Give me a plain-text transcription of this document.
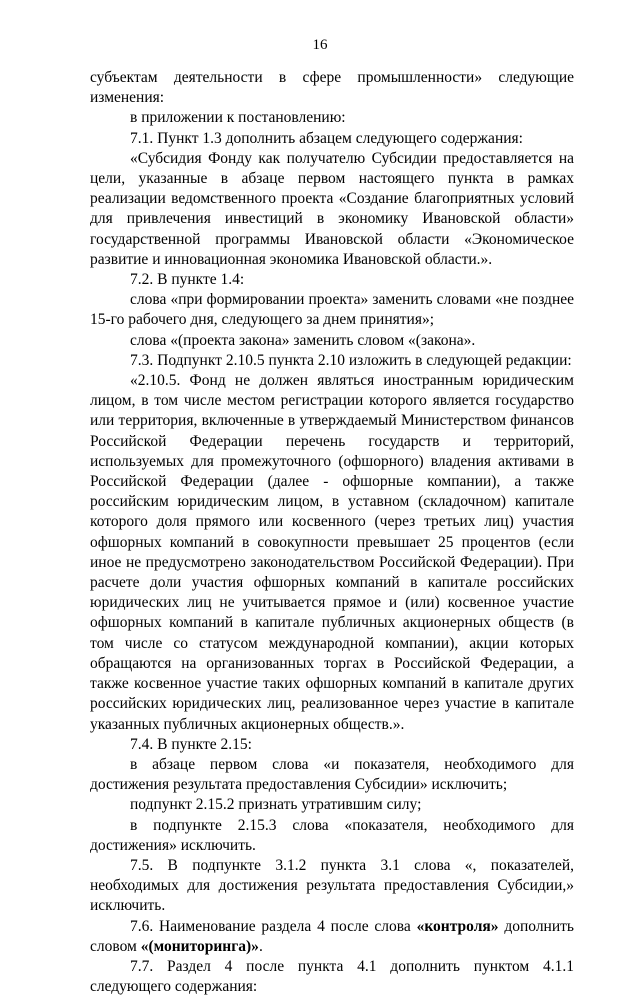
16

субъектам деятельности в сфере промышленности» следующие изменения:

в приложении к постановлению:

7.1. Пункт 1.3 дополнить абзацем следующего содержания:

«Субсидия Фонду как получателю Субсидии предоставляется на цели, указанные в абзаце первом настоящего пункта в рамках реализации ведомственного проекта «Создание благоприятных условий для привлечения инвестиций в экономику Ивановской области» государственной программы Ивановской области «Экономическое развитие и инновационная экономика Ивановской области.».

7.2. В пункте 1.4:

слова «при формировании проекта» заменить словами «не позднее 15-го рабочего дня, следующего за днем принятия»;

слова «(проекта закона» заменить словом «(закона».

7.3. Подпункт 2.10.5 пункта 2.10 изложить в следующей редакции:

«2.10.5. Фонд не должен являться иностранным юридическим лицом, в том числе местом регистрации которого является государство или территория, включенные в утверждаемый Министерством финансов Российской Федерации перечень государств и территорий, используемых для промежуточного (офшорного) владения активами в Российской Федерации (далее - офшорные компании), а также российским юридическим лицом, в уставном (складочном) капитале которого доля прямого или косвенного (через третьих лиц) участия офшорных компаний в совокупности превышает 25 процентов (если иное не предусмотрено законодательством Российской Федерации). При расчете доли участия офшорных компаний в капитале российских юридических лиц не учитывается прямое и (или) косвенное участие офшорных компаний в капитале публичных акционерных обществ (в том числе со статусом международной компании), акции которых обращаются на организованных торгах в Российской Федерации, а также косвенное участие таких офшорных компаний в капитале других российских юридических лиц, реализованное через участие в капитале указанных публичных акционерных обществ.».

7.4. В пункте 2.15:

в абзаце первом слова «и показателя, необходимого для достижения результата предоставления Субсидии» исключить;

подпункт 2.15.2 признать утратившим силу;

в подпункте 2.15.3 слова «показателя, необходимого для достижения» исключить.

7.5. В подпункте 3.1.2 пункта 3.1 слова «, показателей, необходимых для достижения результата предоставления Субсидии,» исключить.

7.6. Наименование раздела 4 после слова «контроля» дополнить словом «(мониторинга)».

7.7. Раздел 4 после пункта 4.1 дополнить пунктом 4.1.1 следующего содержания:
